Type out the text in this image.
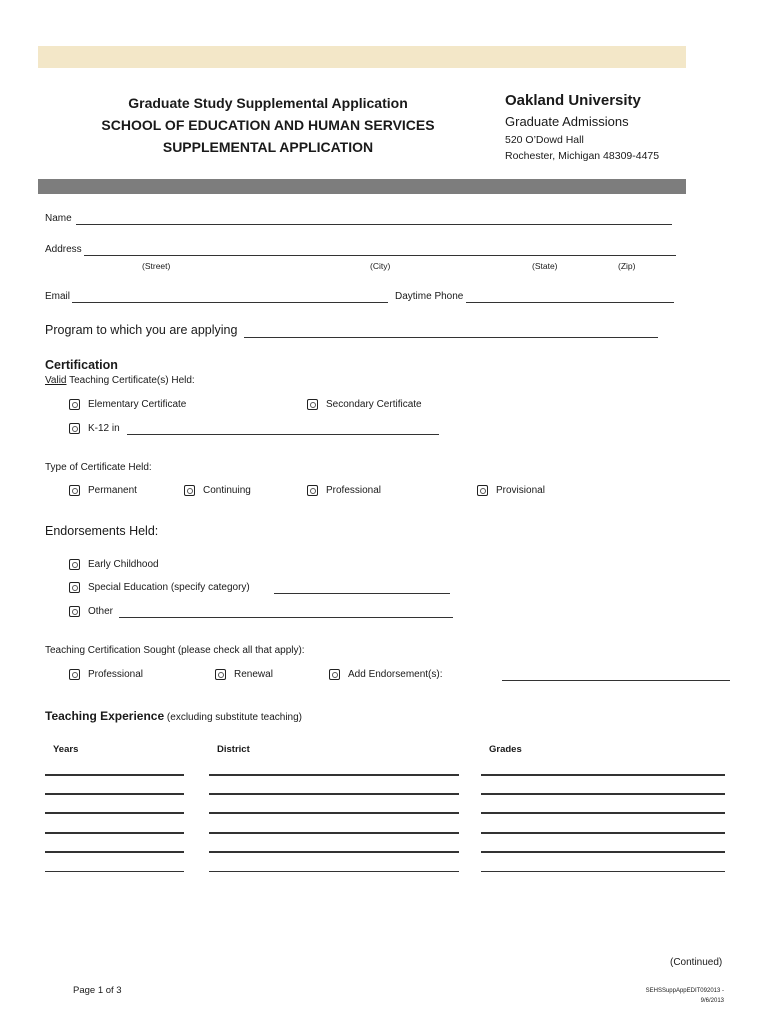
Graduate Study Supplemental Application
SCHOOL OF EDUCATION AND HUMAN SERVICES
SUPPLEMENTAL APPLICATION
Oakland University
Graduate Admissions
520 O’Dowd Hall
Rochester, Michigan 48309-4475
Name
Address
(Street)	(City)	(State)	(Zip)
Email	Daytime Phone
Program to which you are applying
Certification
Valid Teaching Certificate(s) Held:
Elementary Certificate	Secondary Certificate
K-12 in
Type of Certificate Held:
Permanent	Continuing	Professional	Provisional
Endorsements Held:
Early Childhood
Special Education (specify category)
Other
Teaching Certification Sought (please check all that apply):
Professional	Renewal	Add Endorsement(s):
Teaching Experience (excluding substitute teaching)
Years	District	Grades
(Continued)
Page 1 of 3	SEHSSuppAppEDIT092013 -
9/6/2013
